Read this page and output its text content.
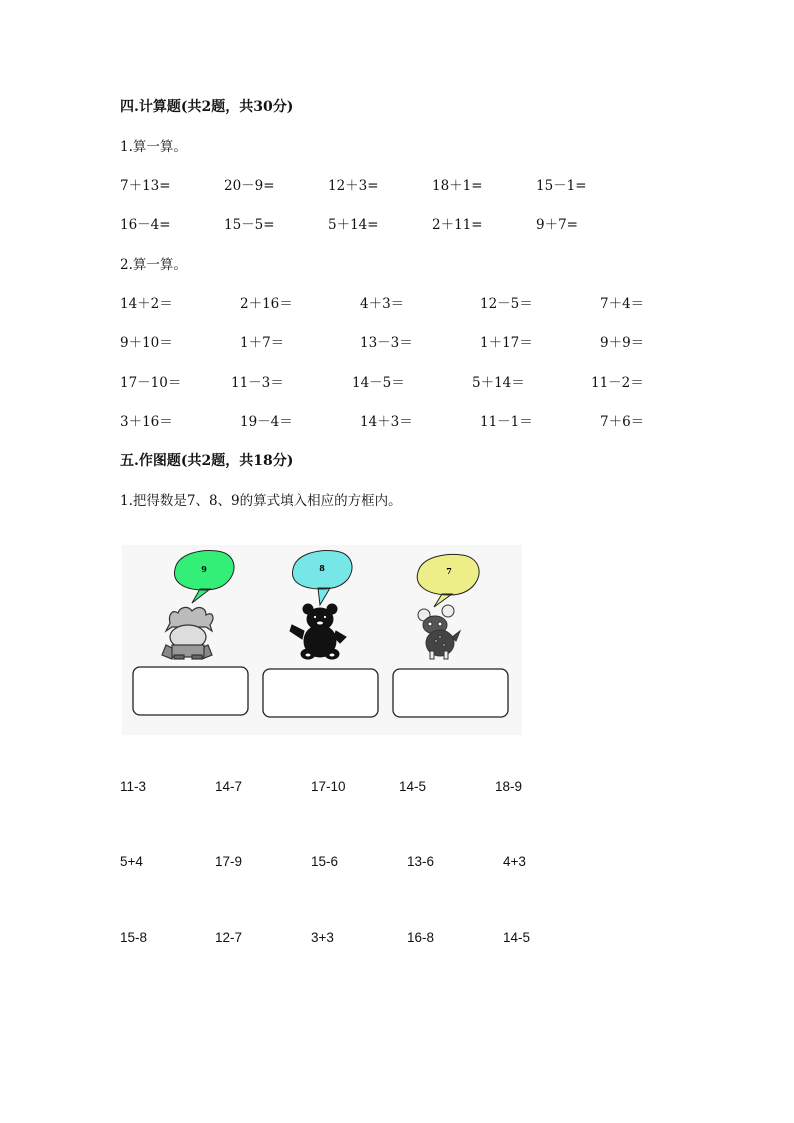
四.计算题(共2题，共30分)
1.算一算。
7＋13=	20－9=	12＋3=	18＋1=	15－1=
16－4=	15－5=	5＋14=	2＋11=	9＋7=
2.算一算。
14＋2＝	2＋16＝	4＋3＝	12－5＝	7＋4＝
9＋10＝	1＋7＝	13－3＝	1＋17＝	9＋9＝
17－10＝	11－3＝	14－5＝	5＋14＝	11－2＝
3＋16＝	19－4＝	14＋3＝	11－1＝	7＋6＝
五.作图题(共2题，共18分)
1.把得数是7、8、9的算式填入相应的方框内。
9	8	7
11-3	14-7	17-10	14-5	18-9
5+4	17-9	15-6	13-6	4+3
15-8	12-7	3+3	16-8	14-5
